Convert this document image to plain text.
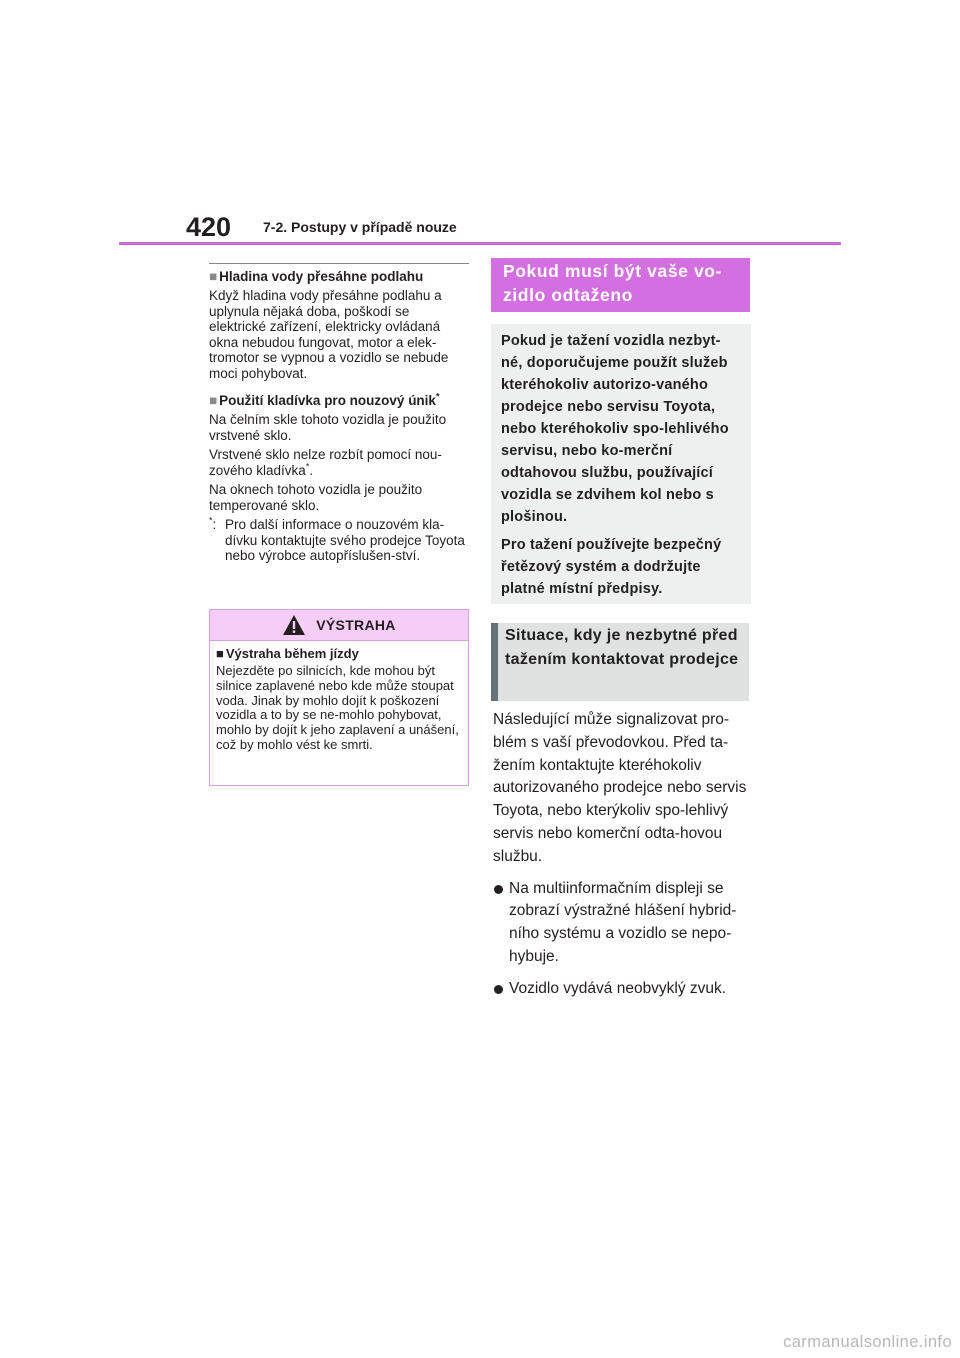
420 7-2. Postupy v případě nouze
■ Hladina vody přesáhne podlahu
Když hladina vody přesáhne podlahu a uplynula nějaká doba, poškodí se elektrické zařízení, elektricky ovládaná okna nebudou fungovat, motor a elek-tromotor se vypnou a vozidlo se nebude moci pohybovat.
■ Použití kladívka pro nouzový únik*
Na čelním skle tohoto vozidla je použito vrstvené sklo.
Vrstvené sklo nelze rozbít pomocí nou-zového kladívka*.
Na oknech tohoto vozidla je použito temperované sklo.
*: Pro další informace o nouzovém kla-dívku kontaktujte svého prodejce Toyota nebo výrobce autopříslušen-ství.
VÝSTRAHA
■ Výstraha během jízdy
Nejezděte po silnicích, kde mohou být silnice zaplavené nebo kde může stoupat voda. Jinak by mohlo dojít k poškození vozidla a to by se ne-mohlo pohybovat, mohlo by dojít k jeho zaplavení a unášení, což by mohlo vést ke smrti.
Pokud musí být vaše vo-zidlo odtaženo

Pokud je tažení vozidla nezbyt-né, doporučujeme použít služeb kteréhokoliv autorizo-vaného prodejce nebo servisu Toyota, nebo kteréhokoliv spo-lehlivého servisu, nebo ko-merční odtahovou službu, používající vozidla se zdvihem kol nebo s plošinou.

Pro tažení používejte bezpečný řetězový systém a dodržujte platné místní předpisy.

Situace, kdy je nezbytné před tažením kontaktovat prodejce
Následující může signalizovat pro-blém s vaší převodovkou. Před ta-žením kontaktujte kteréhokoliv autorizovaného prodejce nebo servis Toyota, nebo kterýkoliv spo-lehlivý servis nebo komerční odta-hovou službu.
Na multiinformačním displeji se zobrazí výstražné hlášení hybrid-ního systému a vozidlo se nepo-hybuje.
Vozidlo vydává neobvyklý zvuk.
carmanualsonline.info
